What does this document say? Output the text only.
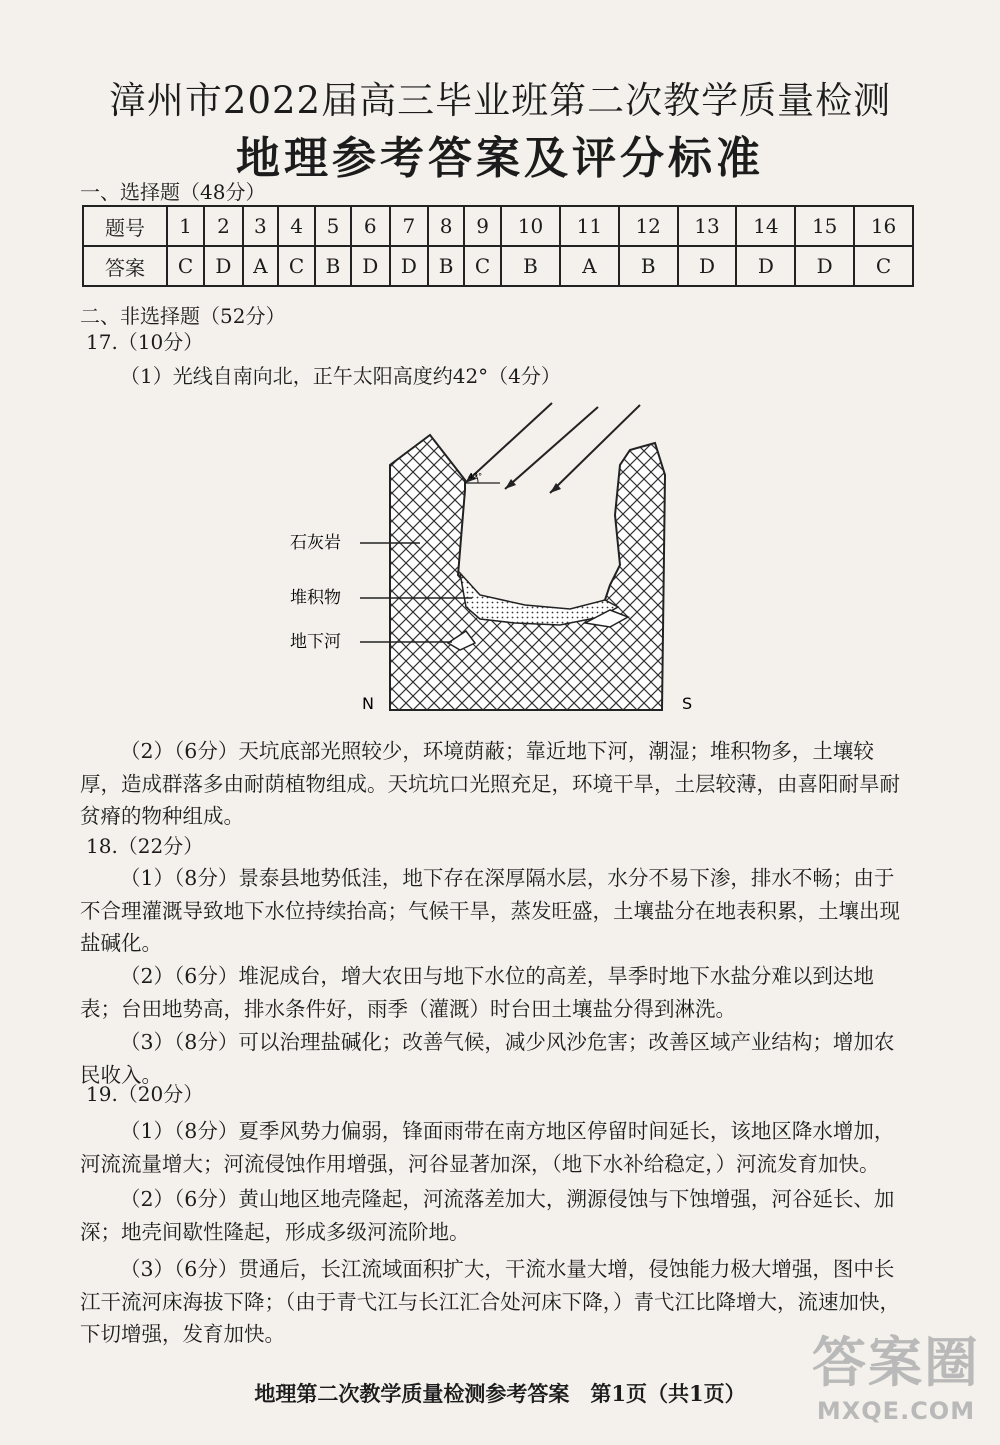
漳州市2022届高三毕业班第二次教学质量检测
地理参考答案及评分标准
一、选择题（48分）
题号	1	2	3	4	5	6	7	8	9	10	11	12	13	14	15	16
答案	C	D	A	C	B	D	D	B	C	B	A	B	D	D	D	C
二、非选择题（52分）
17.（10分）
（1）光线自南向北，正午太阳高度约42°（4分）
42°
石灰岩
堆积物
地下河
N	S
（2）（6分）天坑底部光照较少，环境荫蔽；靠近地下河，潮湿；堆积物多，土壤较
厚，造成群落多由耐荫植物组成。天坑坑口光照充足，环境干旱，土层较薄，由喜阳耐旱耐
贫瘠的物种组成。
18.（22分）
（1）（8分）景泰县地势低洼，地下存在深厚隔水层，水分不易下渗，排水不畅；由于
不合理灌溉导致地下水位持续抬高；气候干旱，蒸发旺盛，土壤盐分在地表积累，土壤出现
盐碱化。
（2）（6分）堆泥成台，增大农田与地下水位的高差，旱季时地下水盐分难以到达地
表；台田地势高，排水条件好，雨季（灌溉）时台田土壤盐分得到淋洗。
（3）（8分）可以治理盐碱化；改善气候，减少风沙危害；改善区域产业结构；增加农
民收入。
19.（20分）
（1）（8分）夏季风势力偏弱，锋面雨带在南方地区停留时间延长，该地区降水增加，
河流流量增大；河流侵蚀作用增强，河谷显著加深，（地下水补给稳定，）河流发育加快。
（2）（6分）黄山地区地壳隆起，河流落差加大，溯源侵蚀与下蚀增强，河谷延长、加
深；地壳间歇性隆起，形成多级河流阶地。
（3）（6分）贯通后，长江流域面积扩大，干流水量大增，侵蚀能力极大增强，图中长
江干流河床海拔下降；（由于青弋江与长江汇合处河床下降，）青弋江比降增大，流速加快，
下切增强，发育加快。
地理第二次教学质量检测参考答案　第1页（共1页）	答案圈
MXQE.COM
